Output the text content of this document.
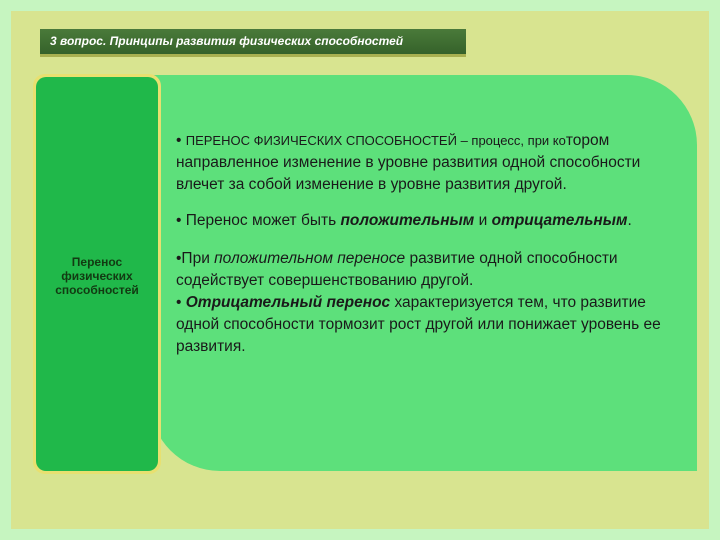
3 вопрос. Принципы развития физических способностей
Перенос
физических
способностей

• ПЕРЕНОС ФИЗИЧЕСКИХ СПОСОБНОСТЕЙ – процесс, при котором направленное изменение в уровне развития одной способности влечет за собой изменение в уровне развития другой.

• Перенос может быть положительным и отрицательным.

•При положительном переносе развитие одной способности содействует совершенствованию другой.
• Отрицательный перенос характеризуется тем, что развитие одной способности тормозит рост другой или понижает уровень ее развития.
